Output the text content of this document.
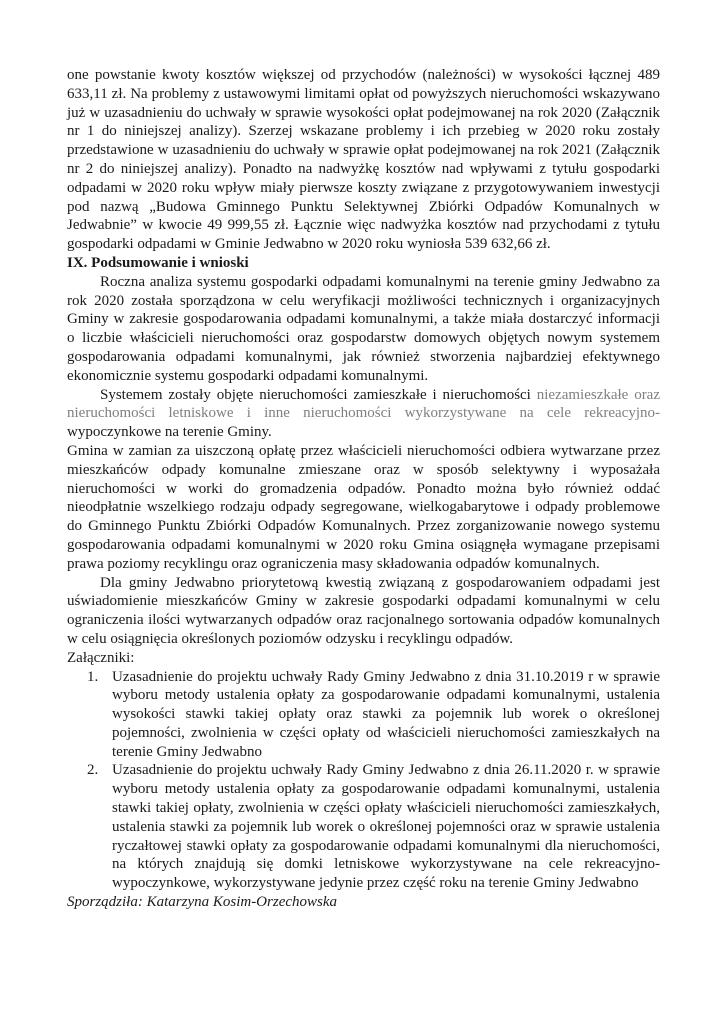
one powstanie kwoty kosztów większej od przychodów (należności) w wysokości łącznej 489 633,11 zł. Na problemy z ustawowymi limitami opłat od powyższych nieruchomości wskazywano już w uzasadnieniu do uchwały w sprawie wysokości opłat podejmowanej na rok 2020 (Załącznik nr 1 do niniejszej analizy). Szerzej wskazane problemy i ich przebieg w 2020 roku zostały przedstawione w uzasadnieniu do uchwały w sprawie opłat podejmowanej na rok 2021 (Załącznik nr 2 do niniejszej analizy). Ponadto na nadwyżkę kosztów nad wpływami z tytułu gospodarki odpadami w 2020 roku wpływ miały pierwsze koszty związane z przygotowywaniem inwestycji pod nazwą „Budowa Gminnego Punktu Selektywnej Zbiórki Odpadów Komunalnych w Jedwabnie” w kwocie 49 999,55 zł. Łącznie więc nadwyżka kosztów nad przychodami z tytułu gospodarki odpadami w Gminie Jedwabno w 2020 roku wyniosła 539 632,66 zł.

IX. Podsumowanie i wnioski

Roczna analiza systemu gospodarki odpadami komunalnymi na terenie gminy Jedwabno za rok 2020 została sporządzona w celu weryfikacji możliwości technicznych i organizacyjnych Gminy w zakresie gospodarowania odpadami komunalnymi, a także miała dostarczyć informacji o liczbie właścicieli nieruchomości oraz gospodarstw domowych objętych nowym systemem gospodarowania odpadami komunalnymi, jak również stworzenia najbardziej efektywnego ekonomicznie systemu gospodarki odpadami komunalnymi.

Systemem zostały objęte nieruchomości zamieszkałe i nieruchomości niezamieszkałe oraz nieruchomości letniskowe i inne nieruchomości wykorzystywane na cele rekreacyjno-wypoczynkowe na terenie Gminy.

Gmina w zamian za uiszczoną opłatę przez właścicieli nieruchomości odbiera wytwarzane przez mieszkańców odpady komunalne zmieszane oraz w sposób selektywny i wyposażała nieruchomości w worki do gromadzenia odpadów. Ponadto można było również oddać nieodpłatnie wszelkiego rodzaju odpady segregowane, wielkogabarytowe i odpady problemowe do Gminnego Punktu Zbiórki Odpadów Komunalnych. Przez zorganizowanie nowego systemu gospodarowania odpadami komunalnymi w 2020 roku Gmina osiągnęła wymagane przepisami prawa poziomy recyklingu oraz ograniczenia masy składowania odpadów komunalnych.

Dla gminy Jedwabno priorytetową kwestią związaną z gospodarowaniem odpadami jest uświadomienie mieszkańców Gminy w zakresie gospodarki odpadami komunalnymi w celu ograniczenia ilości wytwarzanych odpadów oraz racjonalnego sortowania odpadów komunalnych w celu osiągnięcia określonych poziomów odzysku i recyklingu odpadów.

Załączniki:

1. Uzasadnienie do projektu uchwały Rady Gminy Jedwabno z dnia 31.10.2019 r w sprawie wyboru metody ustalenia opłaty za gospodarowanie odpadami komunalnymi, ustalenia wysokości stawki takiej opłaty oraz stawki za pojemnik lub worek o określonej pojemności, zwolnienia w części opłaty od właścicieli nieruchomości zamieszkałych na terenie Gminy Jedwabno

2. Uzasadnienie do projektu uchwały Rady Gminy Jedwabno z dnia 26.11.2020 r. w sprawie wyboru metody ustalenia opłaty za gospodarowanie odpadami komunalnymi, ustalenia stawki takiej opłaty, zwolnienia w części opłaty właścicieli nieruchomości zamieszkałych, ustalenia stawki za pojemnik lub worek o określonej pojemności oraz w sprawie ustalenia ryczałtowej stawki opłaty za gospodarowanie odpadami komunalnymi dla nieruchomości, na których znajdują się domki letniskowe wykorzystywane na cele rekreacyjno-wypoczynkowe, wykorzystywane jedynie przez część roku na terenie Gminy Jedwabno

Sporządziła: Katarzyna Kosim-Orzechowska
